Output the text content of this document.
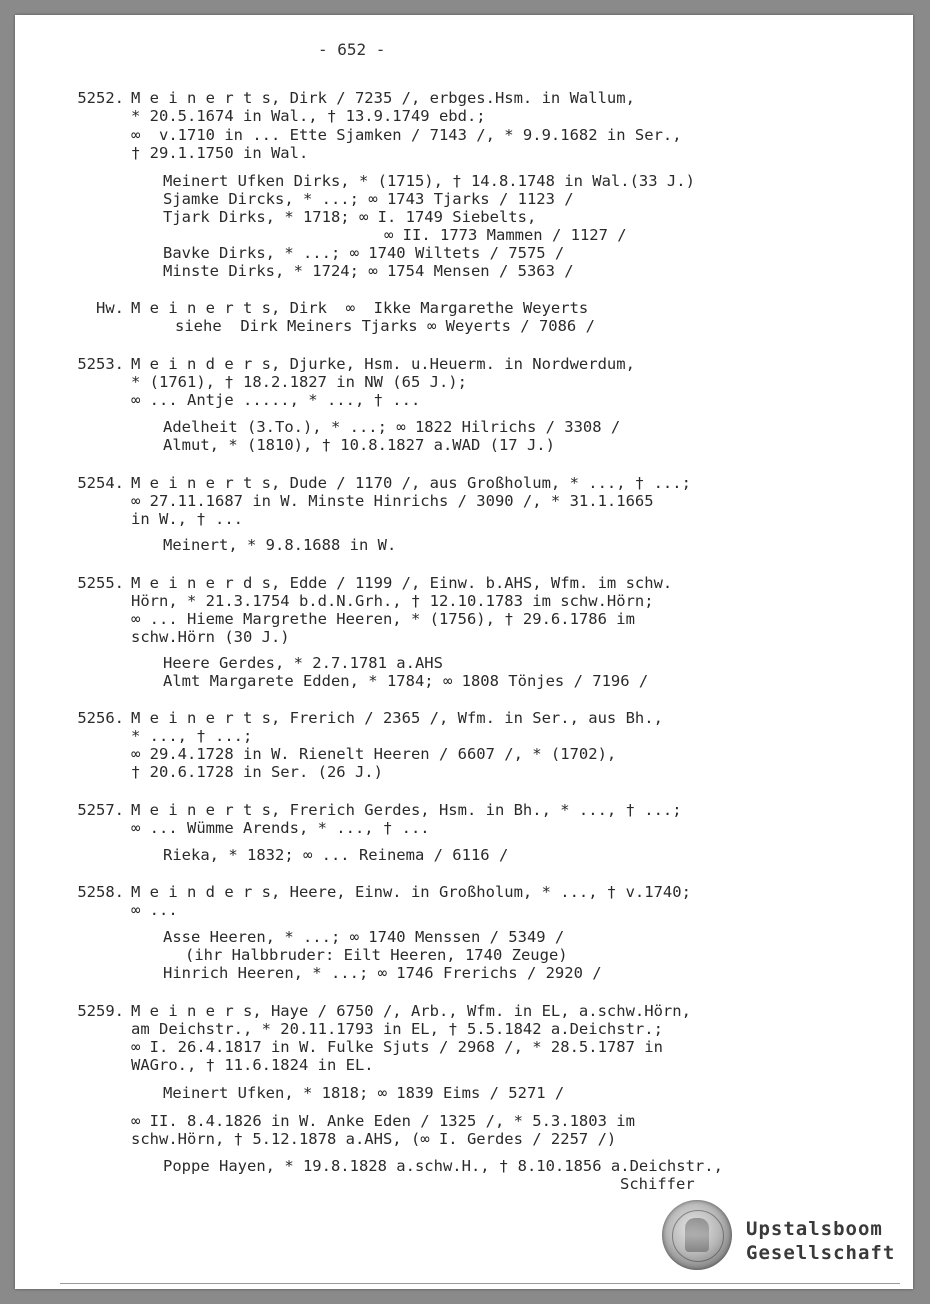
- 652 -
5252. M e i n e r t s, Dirk / 7235 /, erbges.Hsm. in Wallum,
* 20.5.1674 in Wal., † 13.9.1749 ebd.;
∞  v.1710 in ... Ette Sjamken / 7143 /, * 9.9.1682 in Ser.,
† 29.1.1750 in Wal.
Meinert Ufken Dirks, * (1715), † 14.8.1748 in Wal.(33 J.)
Sjamke Dircks, * ...; ∞ 1743 Tjarks / 1123 /
Tjark Dirks, * 1718; ∞ I. 1749 Siebelts,
∞ II. 1773 Mammen / 1127 /
Bavke Dirks, * ...; ∞ 1740 Wiltets / 7575 /
Minste Dirks, * 1724; ∞ 1754 Mensen / 5363 /
Hw. M e i n e r t s, Dirk  ∞  Ikke Margarethe Weyerts
siehe  Dirk Meiners Tjarks ∞ Weyerts / 7086 /
5253. M e i n d e r s, Djurke, Hsm. u.Heuerm. in Nordwerdum,
* (1761), † 18.2.1827 in NW (65 J.);
∞ ... Antje ....., * ..., † ...
Adelheit (3.To.), * ...; ∞ 1822 Hilrichs / 3308 /
Almut, * (1810), † 10.8.1827 a.WAD (17 J.)
5254. M e i n e r t s, Dude / 1170 /, aus Großholum, * ..., † ...;
∞ 27.11.1687 in W. Minste Hinrichs / 3090 /, * 31.1.1665
in W., † ...
Meinert, * 9.8.1688 in W.
5255. M e i n e r d s, Edde / 1199 /, Einw. b.AHS, Wfm. im schw.
Hörn, * 21.3.1754 b.d.N.Grh., † 12.10.1783 im schw.Hörn;
∞ ... Hieme Margrethe Heeren, * (1756), † 29.6.1786 im
schw.Hörn (30 J.)
Heere Gerdes, * 2.7.1781 a.AHS
Almt Margarete Edden, * 1784; ∞ 1808 Tönjes / 7196 /
5256. M e i n e r t s, Frerich / 2365 /, Wfm. in Ser., aus Bh.,
* ..., † ...;
∞ 29.4.1728 in W. Rienelt Heeren / 6607 /, * (1702),
† 20.6.1728 in Ser. (26 J.)
5257. M e i n e r t s, Frerich Gerdes, Hsm. in Bh., * ..., † ...;
∞ ... Wümme Arends, * ..., † ...
Rieka, * 1832; ∞ ... Reinema / 6116 /
5258. M e i n d e r s, Heere, Einw. in Großholum, * ..., † v.1740;
∞ ...
Asse Heeren, * ...; ∞ 1740 Menssen / 5349 /
(ihr Halbbruder: Eilt Heeren, 1740 Zeuge)
Hinrich Heeren, * ...; ∞ 1746 Frerichs / 2920 /
5259. M e i n e r s, Haye / 6750 /, Arb., Wfm. in EL, a.schw.Hörn,
am Deichstr., * 20.11.1793 in EL, † 5.5.1842 a.Deichstr.;
∞ I. 26.4.1817 in W. Fulke Sjuts / 2968 /, * 28.5.1787 in
WAGro., † 11.6.1824 in EL.
Meinert Ufken, * 1818; ∞ 1839 Eims / 5271 /
∞ II. 8.4.1826 in W. Anke Eden / 1325 /, * 5.3.1803 im
schw.Hörn, † 5.12.1878 a.AHS, (∞ I. Gerdes / 2257 /)
Poppe Hayen, * 19.8.1828 a.schw.H., † 8.10.1856 a.Deichstr.,
Schiffer
Upstalsboom
Gesellschaft
